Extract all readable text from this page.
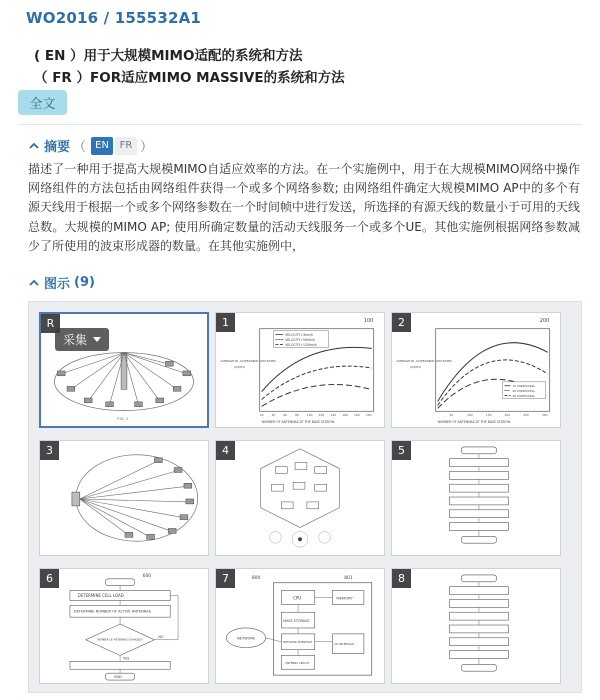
WO2016 / 155532A1
( EN ）用于大规模MIMO适配的系统和方法
（ FR ）FOR适应MIMO MASSIVE的系统和方法
全文
摘要 （ EN	FR ）
描述了一种用于提高大规模MIMO自适应效率的方法。在一个实施例中，用于在大规模MIMO网络中操作网络组件的方法包括由网络组件获得一个或多个网络参数; 由网络组件确定大规模MIMO AP中的多个有源天线用于根据一个或多个网络参数在一个时间帧中进行发送，所选择的有源天线的数量小于可用的天线总数。大规模的MIMO AP; 使用所确定数量的活动天线服务一个或多个UE。其他实施例根据网络参数减少了所使用的波束形成器的数量。在其他实施例中，
图示 (9)
R
FIG. 1
1	100
VELOCITY=3km/h
VELOCITY=50km/h
VELOCITY=120km/h
AVERAGE DL ACHIEVABLE SUM-RATES
(bit/Hz)
NUMBER OF ANTENNAS AT THE BASE STATION
20	40	60	80	100 120 140 160 180 200
2	200
10 USERS/CELL
20 USERS/CELL
30 USERS/CELL
AVERAGE DL ACHIEVABLE SUM-RATES
(bit/Hz)
NUMBER OF ANTENNAS AT THE BASE STATION
50	100	150	200	250	300
3	4	5
6	600
DETERMINE CELL LOAD
DETERMINE NUMBER OF ACTIVE ANTENNAS
NUMBER OF ANTENNAS CHANGED?
END
NO
YES
7	800	801
NETWORK
CPU	MEMORY
MASS STORAGE
NETWORK INTERFACE	I/O INTERFACE
ANTENNA CIRCUIT
8
采集
